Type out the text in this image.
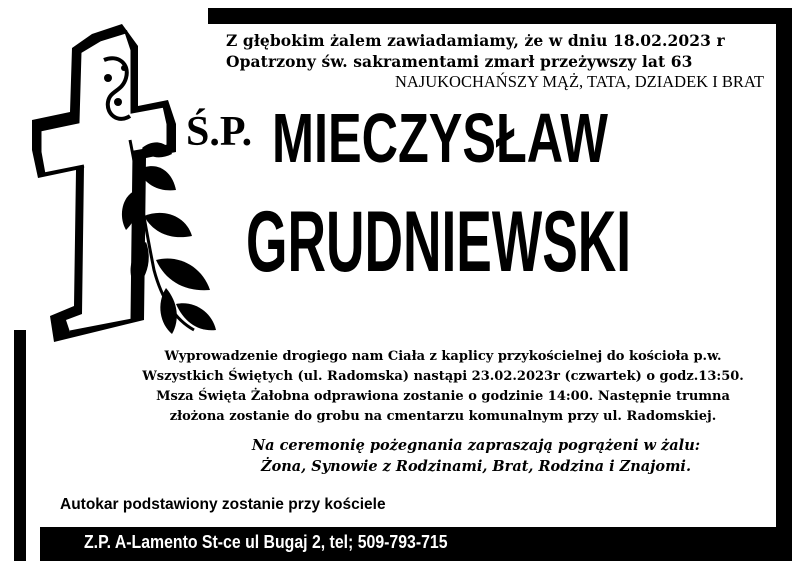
Z głębokim żalem zawiadamiamy, że w dniu 18.02.2023 r
Opatrzony św. sakramentami zmarł przeżywszy lat 63
NAJUKOCHAŃSZY MĄŻ, TATA, DZIADEK I BRAT
Ś.P. MIECZYSŁAW
GRUDNIEWSKI
Wyprowadzenie drogiego nam Ciała z kaplicy przykościelnej do kościoła p.w.
Wszystkich Świętych (ul. Radomska) nastąpi 23.02.2023r (czwartek) o godz.13:50.
Msza Święta Żałobna odprawiona zostanie o godzinie 14:00. Następnie trumna
złożona zostanie do grobu na cmentarzu komunalnym przy ul. Radomskiej.
Na ceremonię pożegnania zapraszają pogrążeni w żalu:
Żona, Synowie z Rodzinami, Brat, Rodzina i Znajomi.
Autokar podstawiony zostanie przy kościele
Z.P. A-Lamento St-ce ul Bugaj 2, tel; 509-793-715
